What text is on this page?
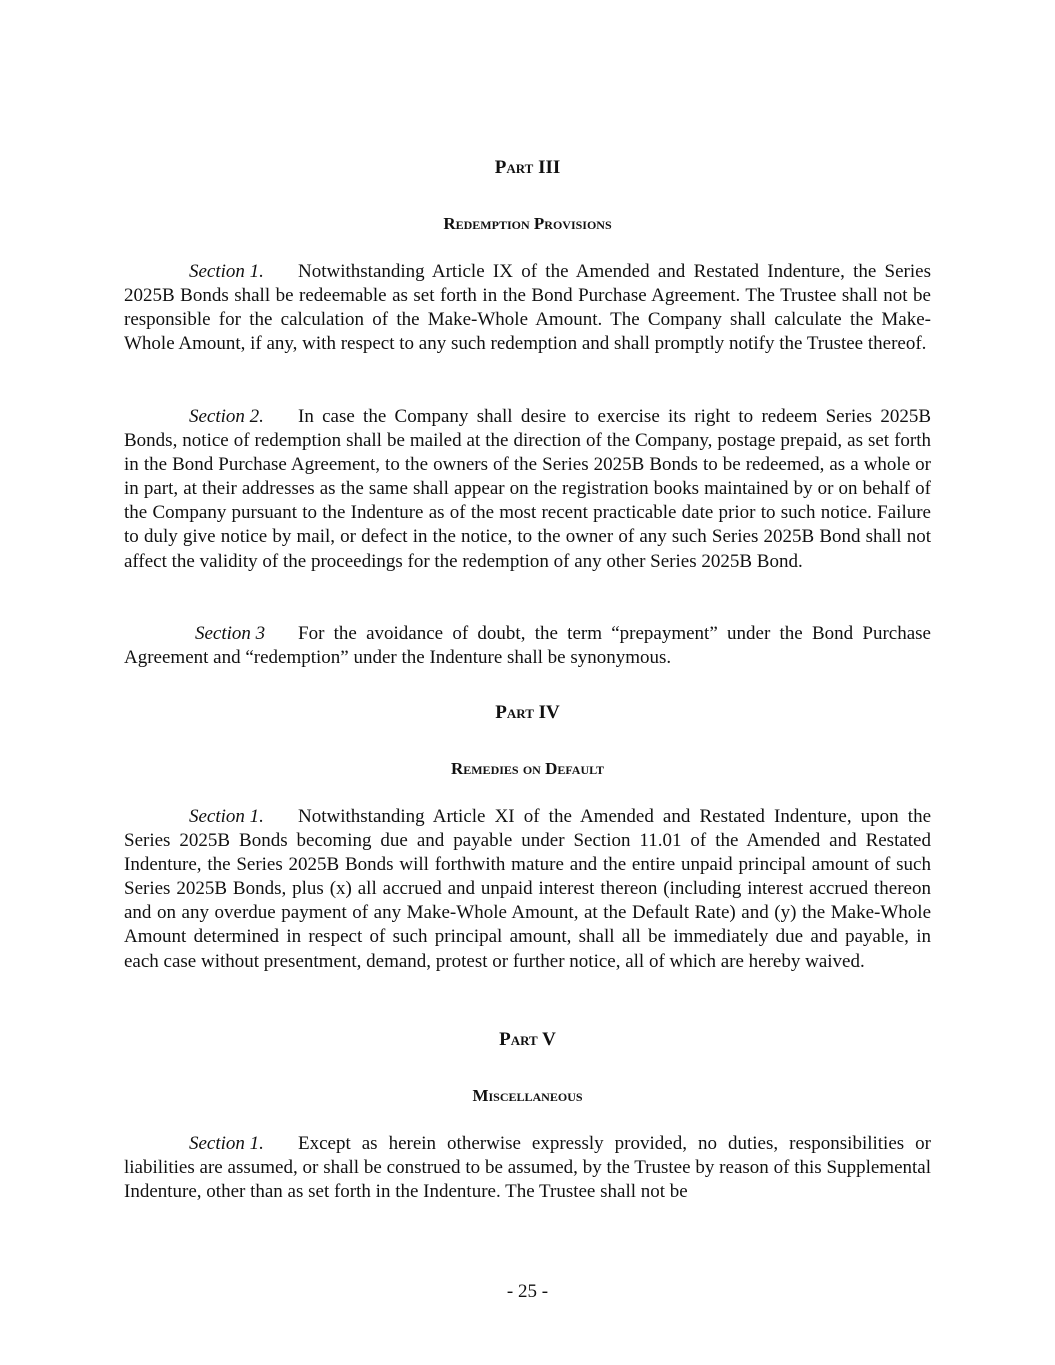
Part III
Redemption Provisions
Section 1. Notwithstanding Article IX of the Amended and Restated Indenture, the Series 2025B Bonds shall be redeemable as set forth in the Bond Purchase Agreement. The Trustee shall not be responsible for the calculation of the Make-Whole Amount. The Company shall calculate the Make-Whole Amount, if any, with respect to any such redemption and shall promptly notify the Trustee thereof.
Section 2. In case the Company shall desire to exercise its right to redeem Series 2025B Bonds, notice of redemption shall be mailed at the direction of the Company, postage prepaid, as set forth in the Bond Purchase Agreement, to the owners of the Series 2025B Bonds to be redeemed, as a whole or in part, at their addresses as the same shall appear on the registration books maintained by or on behalf of the Company pursuant to the Indenture as of the most recent practicable date prior to such notice. Failure to duly give notice by mail, or defect in the notice, to the owner of any such Series 2025B Bond shall not affect the validity of the proceedings for the redemption of any other Series 2025B Bond.
Section 3 For the avoidance of doubt, the term “prepayment” under the Bond Purchase Agreement and “redemption” under the Indenture shall be synonymous.
Part IV
Remedies on Default
Section 1. Notwithstanding Article XI of the Amended and Restated Indenture, upon the Series 2025B Bonds becoming due and payable under Section 11.01 of the Amended and Restated Indenture, the Series 2025B Bonds will forthwith mature and the entire unpaid principal amount of such Series 2025B Bonds, plus (x) all accrued and unpaid interest thereon (including interest accrued thereon and on any overdue payment of any Make-Whole Amount, at the Default Rate) and (y) the Make-Whole Amount determined in respect of such principal amount, shall all be immediately due and payable, in each case without presentment, demand, protest or further notice, all of which are hereby waived.
Part V
Miscellaneous
Section 1. Except as herein otherwise expressly provided, no duties, responsibilities or liabilities are assumed, or shall be construed to be assumed, by the Trustee by reason of this Supplemental Indenture, other than as set forth in the Indenture. The Trustee shall not be
- 25 -
